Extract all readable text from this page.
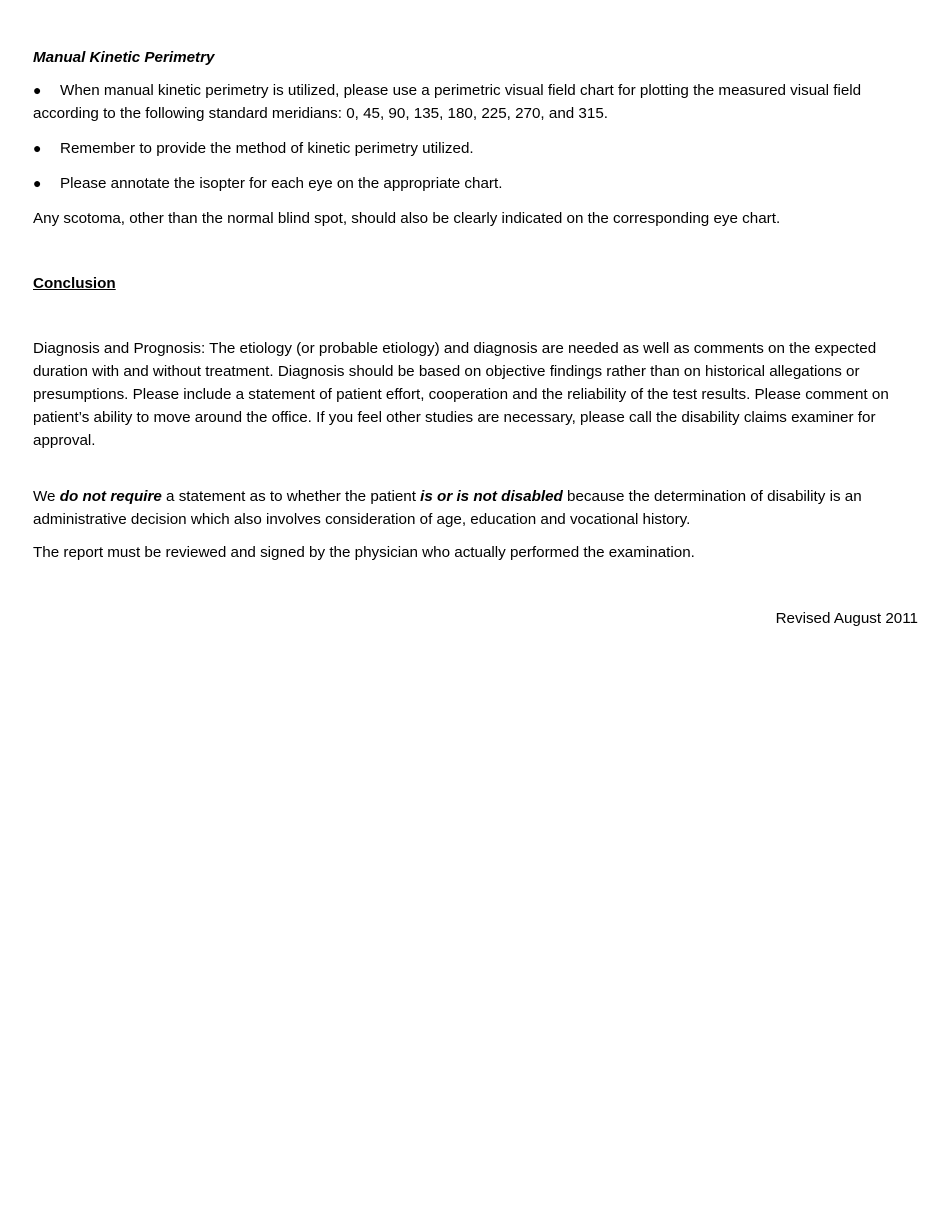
Manual Kinetic Perimetry
●	When manual kinetic perimetry is utilized, please use a perimetric visual field chart for plotting the measured visual field according to the following standard meridians: 0, 45, 90, 135, 180, 225, 270, and 315.
●	Remember to provide the method of kinetic perimetry utilized.
●	Please annotate the isopter for each eye on the appropriate chart.

Any scotoma, other than the normal blind spot, should also be clearly indicated on the corresponding eye chart.

Conclusion

Diagnosis and Prognosis: The etiology (or probable etiology) and diagnosis are needed as well as comments on the expected duration with and without treatment. Diagnosis should be based on objective findings rather than on historical allegations or presumptions. Please include a statement of patient effort, cooperation and the reliability of the test results. Please comment on patient’s ability to move around the office. If you feel other studies are necessary, please call the disability claims examiner for approval.

We do not require a statement as to whether the patient is or is not disabled because the determination of disability is an administrative decision which also involves consideration of age, education and vocational history.

The report must be reviewed and signed by the physician who actually performed the examination.

Revised August 2011
